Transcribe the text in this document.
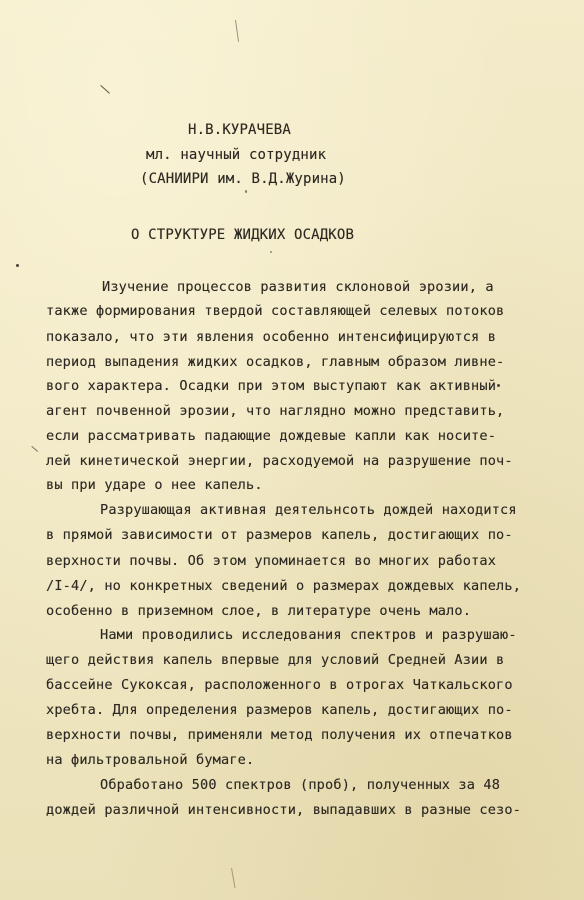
Н.В.КУРАЧЕВА
мл. научный сотрудник
(САНИИРИ им. В.Д.Журина)
О СТРУКТУРЕ ЖИДКИХ ОСАДКОВ
Изучение процессов развития склоновой эрозии, а
также формирования твердой составляющей селевых потоков
показало, что эти явления особенно интенсифицируются в
период выпадения жидких осадков, главным образом ливне-
вого характера. Осадки при этом выступают как активный
агент почвенной эрозии, что наглядно можно представить,
если рассматривать падающие дождевые капли как носите-
лей кинетической энергии, расходуемой на разрушение поч-
вы при ударе о нее капель.
Разрушающая активная деятельнсоть дождей находится
в прямой зависимости от размеров капель, достигающих по-
верхности почвы. Об этом упоминается во многих работах
/I-4/, но конкретных сведений о размерах дождевых капель,
особенно в приземном слое, в литературе очень мало.
Нами проводились исследования спектров и разрушаю-
щего действия капель впервые для условий Средней Азии в
бассейне Сукоксая, расположенного в отрогах Чаткальского
хребта. Для определения размеров капель, достигающих по-
верхности почвы, применяли метод получения их отпечатков
на фильтровальной бумаге.
Обработано 500 спектров (проб), полученных за 48
дождей различной интенсивности, выпадавших в разные сезо-
